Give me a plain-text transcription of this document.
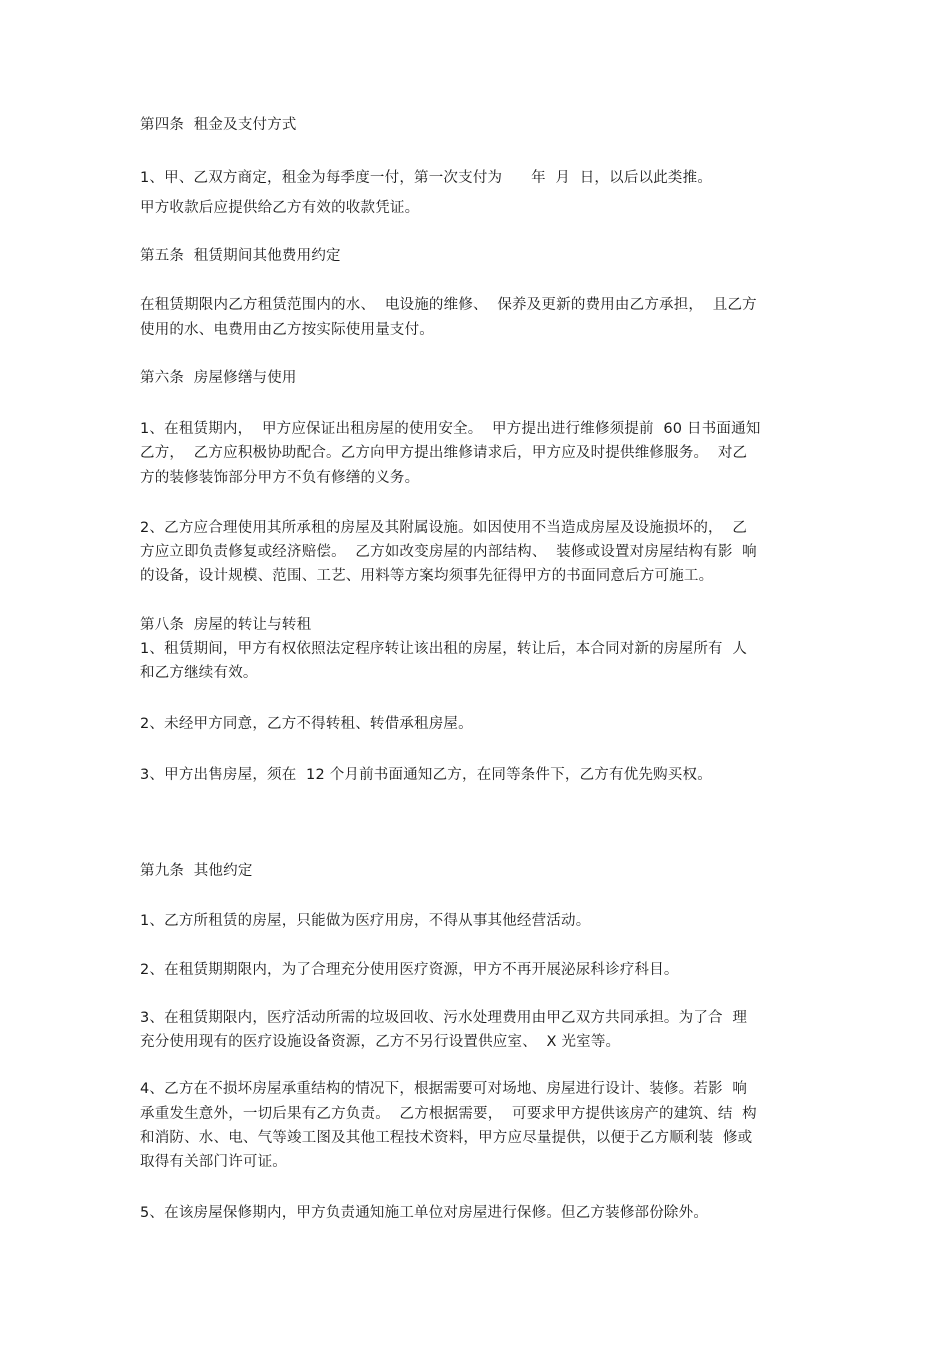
第四条  租金及支付方式
1、甲、乙双方商定，租金为每季度一付，第一次支付为      年  月  日，以后以此类推。
甲方收款后应提供给乙方有效的收款凭证。
第五条  租赁期间其他费用约定
在租赁期限内乙方租赁范围内的水、  电设施的维修、  保养及更新的费用由乙方承担，  且乙方
使用的水、电费用由乙方按实际使用量支付。
第六条  房屋修缮与使用
1、在租赁期内，  甲方应保证出租房屋的使用安全。  甲方提出进行维修须提前  60 日书面通知
乙方，  乙方应积极协助配合。乙方向甲方提出维修请求后，甲方应及时提供维修服务。  对乙
方的装修装饰部分甲方不负有修缮的义务。
2、乙方应合理使用其所承租的房屋及其附属设施。如因使用不当造成房屋及设施损坏的，  乙
方应立即负责修复或经济赔偿。  乙方如改变房屋的内部结构、  装修或设置对房屋结构有影  响
的设备，设计规模、范围、工艺、用料等方案均须事先征得甲方的书面同意后方可施工。
第八条  房屋的转让与转租
1、租赁期间，甲方有权依照法定程序转让该出租的房屋，转让后，本合同对新的房屋所有  人
和乙方继续有效。
2、未经甲方同意，乙方不得转租、转借承租房屋。
3、甲方出售房屋，须在  12 个月前书面通知乙方，在同等条件下，乙方有优先购买权。
第九条  其他约定
1、乙方所租赁的房屋，只能做为医疗用房，不得从事其他经营活动。
2、在租赁期期限内，为了合理充分使用医疗资源，甲方不再开展泌尿科诊疗科目。
3、在租赁期限内，医疗活动所需的垃圾回收、污水处理费用由甲乙双方共同承担。为了合  理
充分使用现有的医疗设施设备资源，乙方不另行设置供应室、  X 光室等。
4、乙方在不损坏房屋承重结构的情况下，根据需要可对场地、房屋进行设计、装修。若影  响
承重发生意外，一切后果有乙方负责。  乙方根据需要，  可要求甲方提供该房产的建筑、结  构
和消防、水、电、气等竣工图及其他工程技术资料，甲方应尽量提供，以便于乙方顺利装  修或
取得有关部门许可证。
5、在该房屋保修期内，甲方负责通知施工单位对房屋进行保修。但乙方装修部份除外。
